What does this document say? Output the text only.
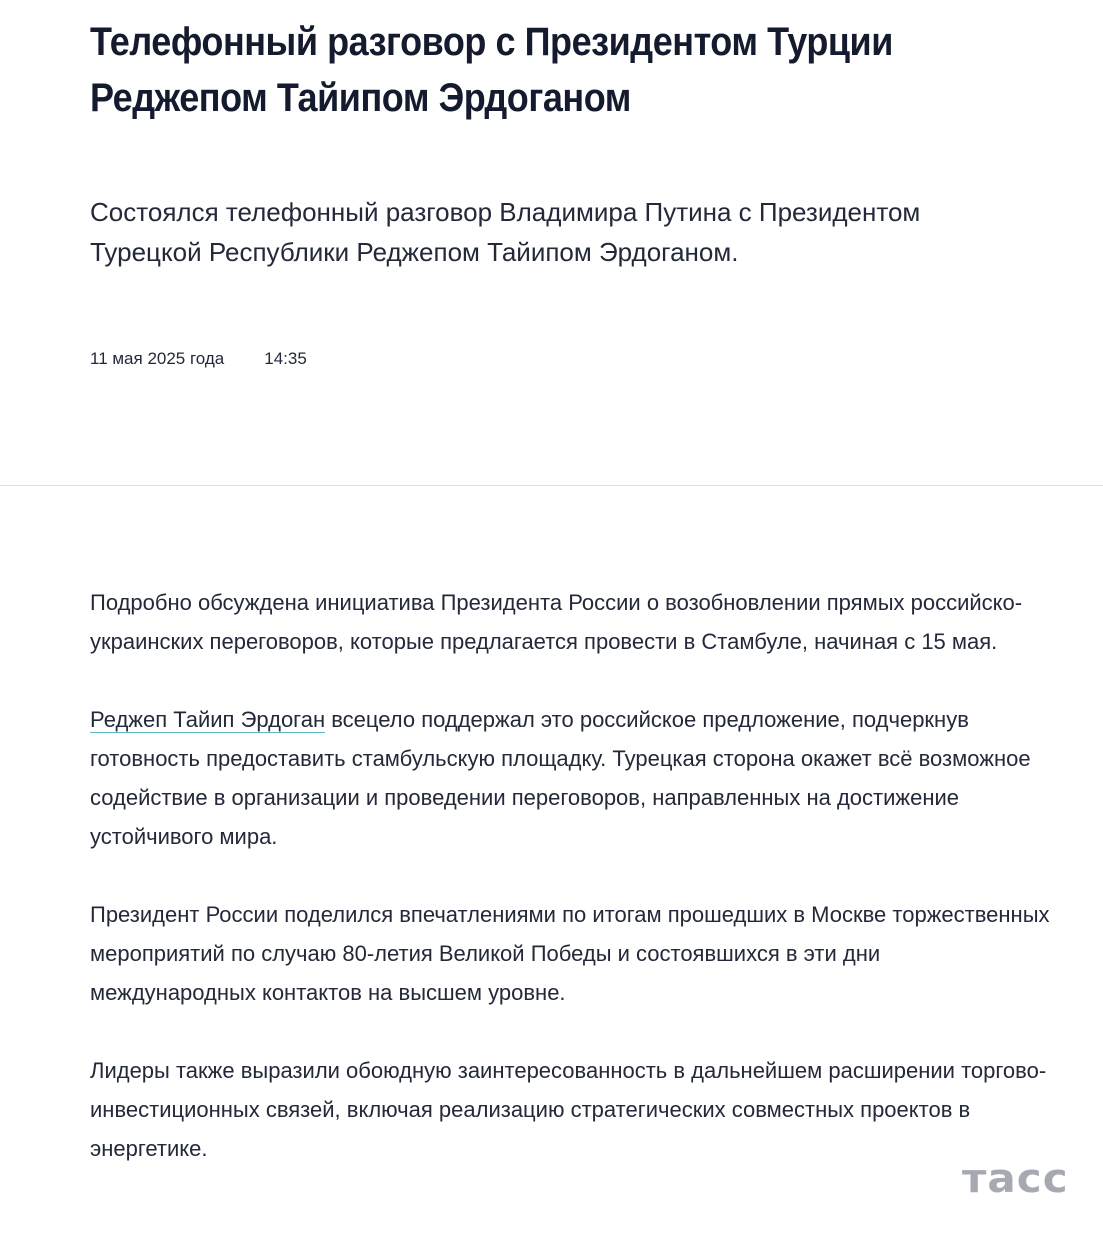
Телефонный разговор с Президентом Турции
Реджепом Тайипом Эрдоганом

Состоялся телефонный разговор Владимира Путина с Президентом
Турецкой Республики Реджепом Тайипом Эрдоганом.

11 мая 2025 года 14:35

Подробно обсуждена инициатива Президента России о возобновлении прямых российско-украинских переговоров, которые предлагается провести в Стамбуле, начиная с 15 мая.

Реджеп Тайип Эрдоган всецело поддержал это российское предложение, подчеркнув готовность предоставить стамбульскую площадку. Турецкая сторона окажет всё возможное содействие в организации и проведении переговоров, направленных на достижение устойчивого мира.

Президент России поделился впечатлениями по итогам прошедших в Москве торжественных мероприятий по случаю 80-летия Великой Победы и состоявшихся в эти дни международных контактов на высшем уровне.

Лидеры также выразили обоюдную заинтересованность в дальнейшем расширении торгово-инвестиционных связей, включая реализацию стратегических совместных проектов в энергетике.

тасс
